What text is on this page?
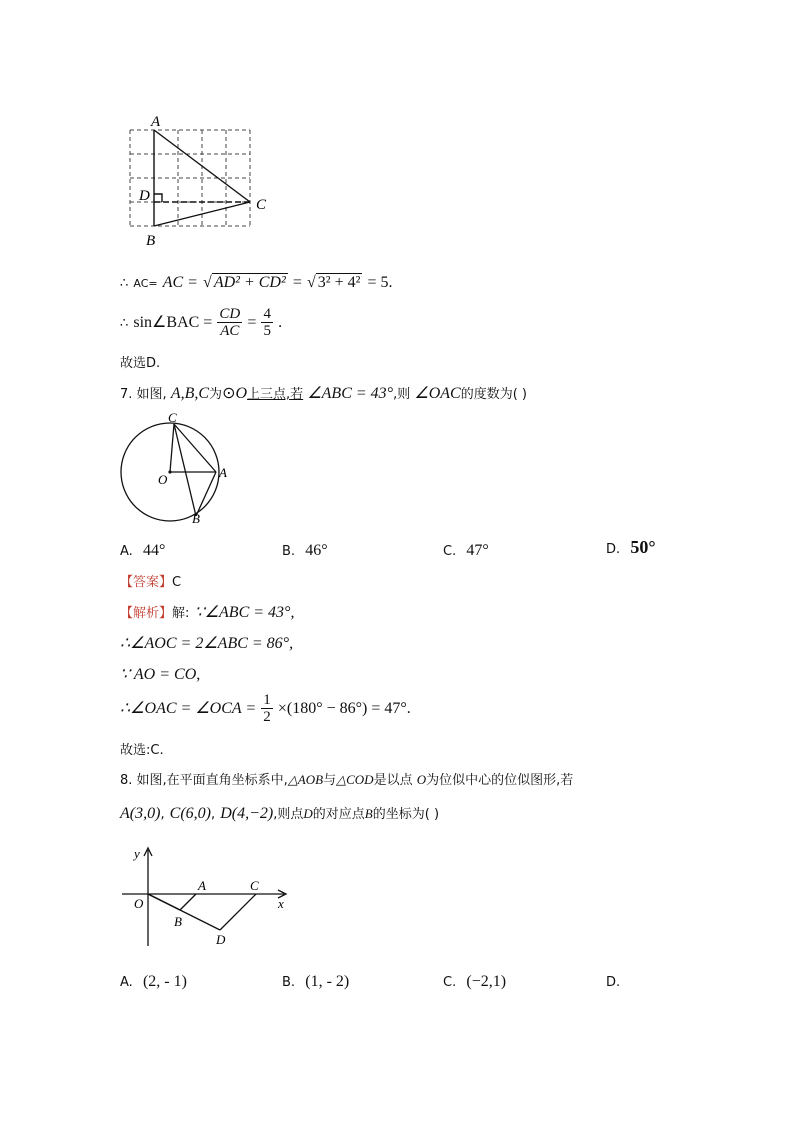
A
D
C
B
∴ AC= AC = √ AD² + CD² = √ 3² + 4² = 5.
∴ sin∠BAC = $\frac{CD}{AC} = \frac{4}{5}$ .
故选D.
7. 如图, A,B,C为⊙O上三点,若 ∠ABC = 43°,则 ∠OAC的度数为( )
C
A
O
B
A. 44°	B. 46°	C. 47°	D. 50°
【答案】C
【解析】解: ∵∠ABC = 43°,
∴∠AOC = 2∠ABC = 86°,
∵ AO = CO,
∴∠OAC = ∠OCA = $\frac{1}{2} \times(180^\circ - 86^\circ) = 47^\circ$.
故选:C.
8. 如图,在平面直角坐标系中,△AOB与△COD是以点 O为位似中心的位似图形,若
A(3,0), C(6,0), D(4,−2),则点D的对应点B的坐标为( )
y
x
O
A	C
B
D
A. (2, - 1)	B. (1, - 2)	C. (−2,1)	D.
